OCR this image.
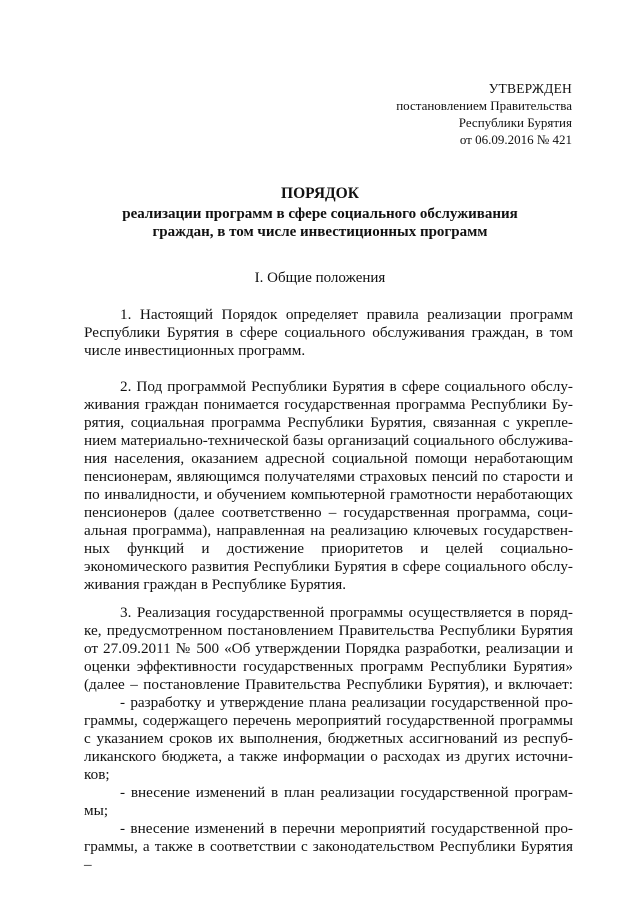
УТВЕРЖДЕН
постановлением Правительства
Республики Бурятия
от 06.09.2016 № 421
ПОРЯДОК
реализации программ в сфере социального обслуживания
граждан, в том числе инвестиционных программ
I. Общие положения
1. Настоящий Порядок определяет правила реализации программ
Республики Бурятия в сфере социального обслуживания граждан, в том
числе инвестиционных программ.
2. Под программой Республики Бурятия в сфере социального обслу-
живания граждан понимается государственная программа Республики Бу-
рятия, социальная программа Республики Бурятия, связанная с укрепле-
нием материально-технической базы организаций социального обслужива-
ния населения, оказанием адресной социальной помощи неработающим
пенсионерам, являющимся получателями страховых пенсий по старости и
по инвалидности, и обучением компьютерной грамотности неработающих
пенсионеров (далее соответственно – государственная программа, соци-
альная программа), направленная на реализацию ключевых государствен-
ных функций и достижение приоритетов и целей социально-
экономического развития Республики Бурятия в сфере социального обслу-
живания граждан в Республике Бурятия.
3. Реализация государственной программы осуществляется в поряд-
ке, предусмотренном постановлением Правительства Республики Бурятия
от 27.09.2011 № 500 «Об утверждении Порядка разработки, реализации и
оценки эффективности государственных программ Республики Бурятия»
(далее – постановление Правительства Республики Бурятия), и включает:
- разработку и утверждение плана реализации государственной про-
граммы, содержащего перечень мероприятий государственной программы
с указанием сроков их выполнения, бюджетных ассигнований из респуб-
ликанского бюджета, а также информации о расходах из других источни-
ков;
- внесение изменений в план реализации государственной програм-
мы;
- внесение изменений в перечни мероприятий государственной про-
граммы, а также в соответствии с законодательством Республики Бурятия –
